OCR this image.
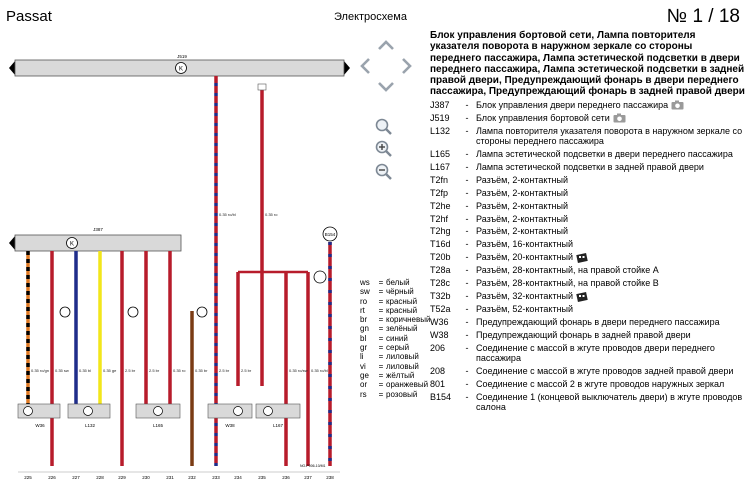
Passat	Электросхема	№ 1 / 18
J519
K
J387
K
B154
0.35 ro/gn 0.35 sw	0.35 bl	0.35 ge 2.5 br	2.5 br	0.35 ro 0.35 br	2.5 br
0.35 ro/bl	0.35 ro
2.5 br	0.35 ro/sw 0.35 ro/bl
W36	L132	L165	W38	L167
225	226	227	228	229	230	231	232	233	234	235	236	237	238
NO-P006-10/M1
ws	= белый
sw	= чёрный
ro	= красный
rt	= красный
br	= коричневый
gn	= зелёный
bl	= синий
gr	= серый
li	= лиловый
vi	= лиловый
ge	= жёлтый
or	= оранжевый
rs	= розовый
Блок управления бортовой сети, Лампа повторителя указателя поворота в наружном зеркале со стороны переднего пассажира, Лампа эстетической подсветки в двери переднего пассажира, Лампа эстетической подсветки в задней правой двери, Предупреждающий фонарь в двери переднего пассажира, Предупреждающий фонарь в задней правой двери
J387	- Блок управления двери переднего пассажира
J519	- Блок управления бортовой сети
L132	- Лампа повторителя указателя поворота в наружном зеркале со стороны переднего пассажира
L165	- Лампа эстетической подсветки в двери переднего пассажира
L167	- Лампа эстетической подсветки в задней правой двери
T2fn	- Разъём, 2-контактный
T2fp	- Разъём, 2-контактный
T2he	- Разъём, 2-контактный
T2hf	- Разъём, 2-контактный
T2hg	- Разъём, 2-контактный
T16d	- Разъём, 16-контактный
T20b	- Разъём, 20-контактный
T28a	- Разъём, 28-контактный, на правой стойке А
T28c	- Разъём, 28-контактный, на правой стойке В
T32b	- Разъём, 32-контактный
T52a	- Разъём, 52-контактный
W36	- Предупреждающий фонарь в двери переднего пассажира
W38	- Предупреждающий фонарь в задней правой двери
206	- Соединение с массой в жгуте проводов двери переднего пассажира
208	- Соединение с массой в жгуте проводов задней правой двери
801	- Соединение с массой 2 в жгуте проводов наружных зеркал
B154	- Соединение 1 (концевой выключатель двери) в жгуте проводов салона
